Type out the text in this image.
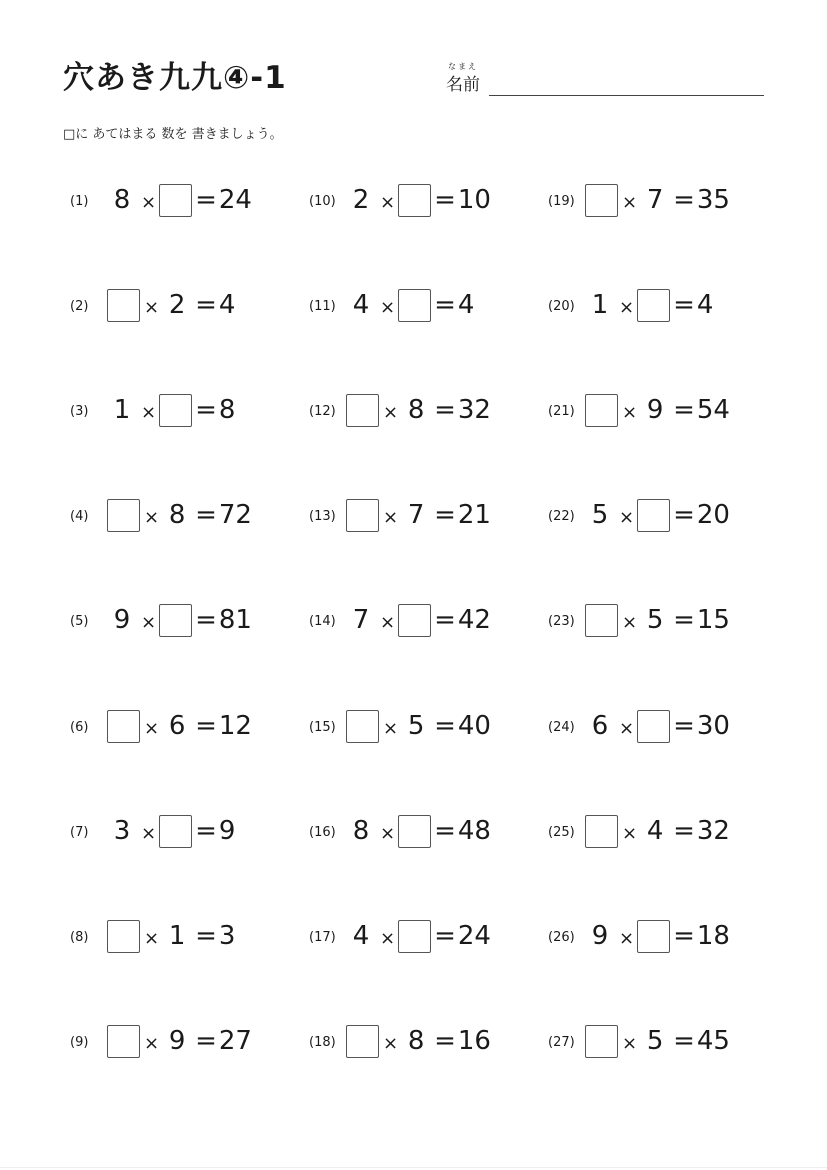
穴あき九九④-1	なまえ
名前
□に あてはまる 数を 書きましょう。
(1) 8 × = 24
(2)	× 2 = 4
(3) 1 × = 8
(4)	× 8 = 72
(5) 9 × = 81
(6)	× 6 = 12
(7) 3 × = 9
(8)	× 1 = 3
(9)	× 9 = 27
(10) 2 × = 10
(11) 4 × = 4
(12)	× 8 = 32
(13)	× 7 = 21
(14) 7 × = 42
(15)	× 5 = 40
(16) 8 × = 48
(17) 4 × = 24
(18)	× 8 = 16
(19)	× 7 = 35
(20) 1 × = 4
(21)	× 9 = 54
(22) 5 × = 20
(23)	× 5 = 15
(24) 6 × = 30
(25)	× 4 = 32
(26) 9 × = 18
(27)	× 5 = 45
